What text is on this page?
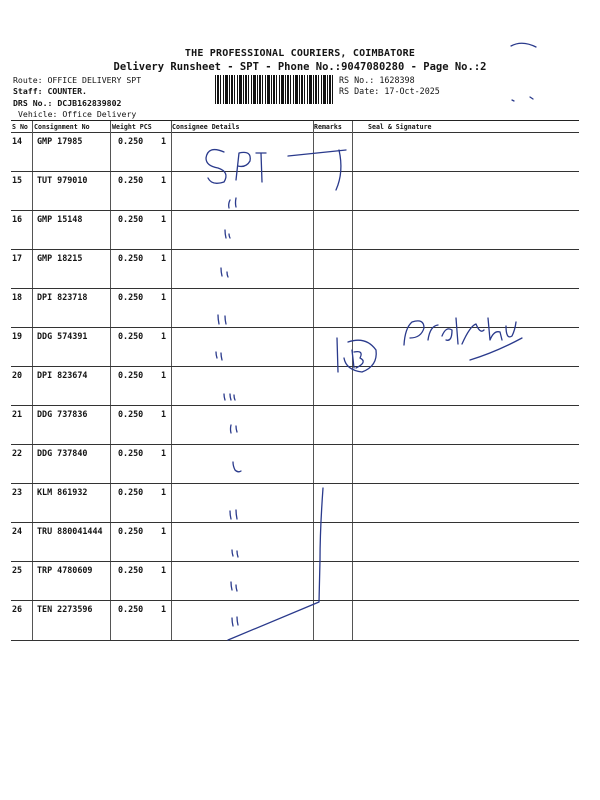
THE PROFESSIONAL COURIERS, COIMBATORE
Delivery Runsheet - SPT - Phone No.:9047080280 - Page No.:2
Route: OFFICE DELIVERY SPT
Staff: COUNTER.
DRS No.: DCJB162839802
Vehicle: Office Delivery
RS No.: 1628398
RS Date: 17-Oct-2025
S No Consignment No	Weight PCS	Consignee Details	Remarks	Seal & Signature
14 GMP 17985	0.250 1
15 TUT 979010	0.250 1
16 GMP 15148	0.250 1
17 GMP 18215	0.250 1
18 DPI 823718	0.250 1
19 DDG 574391	0.250 1
20 DPI 823674	0.250 1
21 DDG 737836	0.250 1
22 DDG 737840	0.250 1
23 KLM 861932	0.250 1
24 TRU 880041444 0.250 1
25 TRP 4780609	0.250 1
26 TEN 2273596	0.250 1
